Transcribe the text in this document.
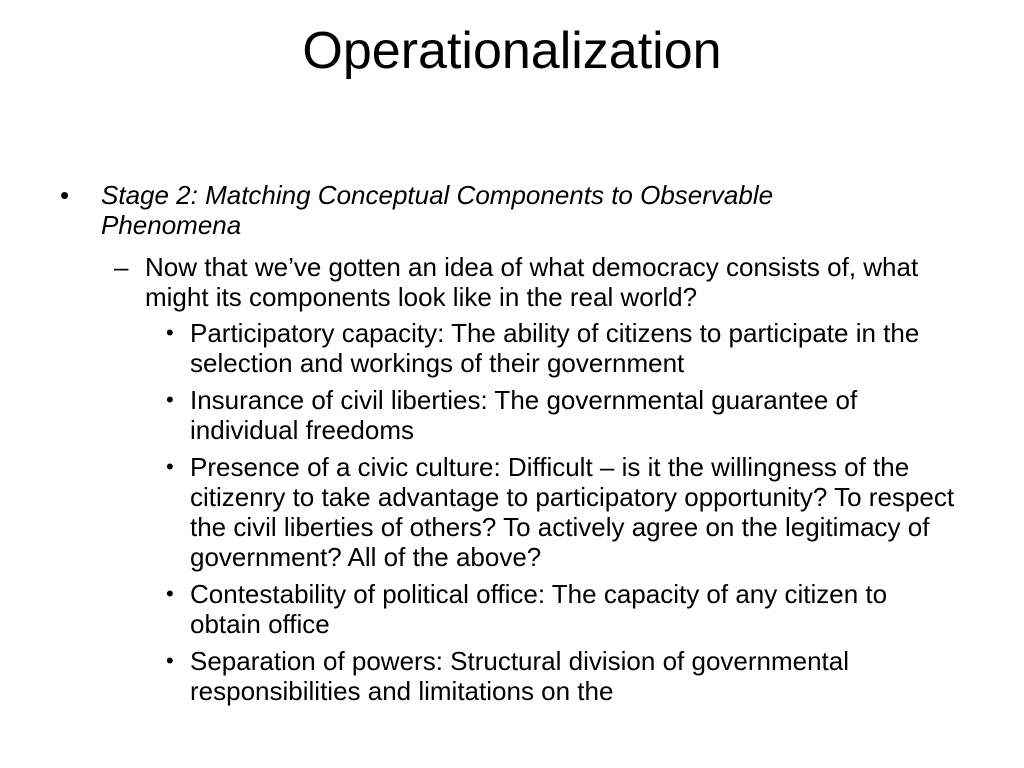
Operationalization
• Stage 2: Matching Conceptual Components to Observable Phenomena
– Now that we’ve gotten an idea of what democracy consists of, what might its components look like in the real world?
• Participatory capacity: The ability of citizens to participate in the selection and workings of their government
• Insurance of civil liberties: The governmental guarantee of individual freedoms
• Presence of a civic culture: Difficult – is it the willingness of the citizenry to take advantage to participatory opportunity? To respect the civil liberties of others? To actively agree on the legitimacy of government? All of the above?
• Contestability of political office: The capacity of any citizen to obtain office
• Separation of powers: Structural division of governmental responsibilities and limitations on the
